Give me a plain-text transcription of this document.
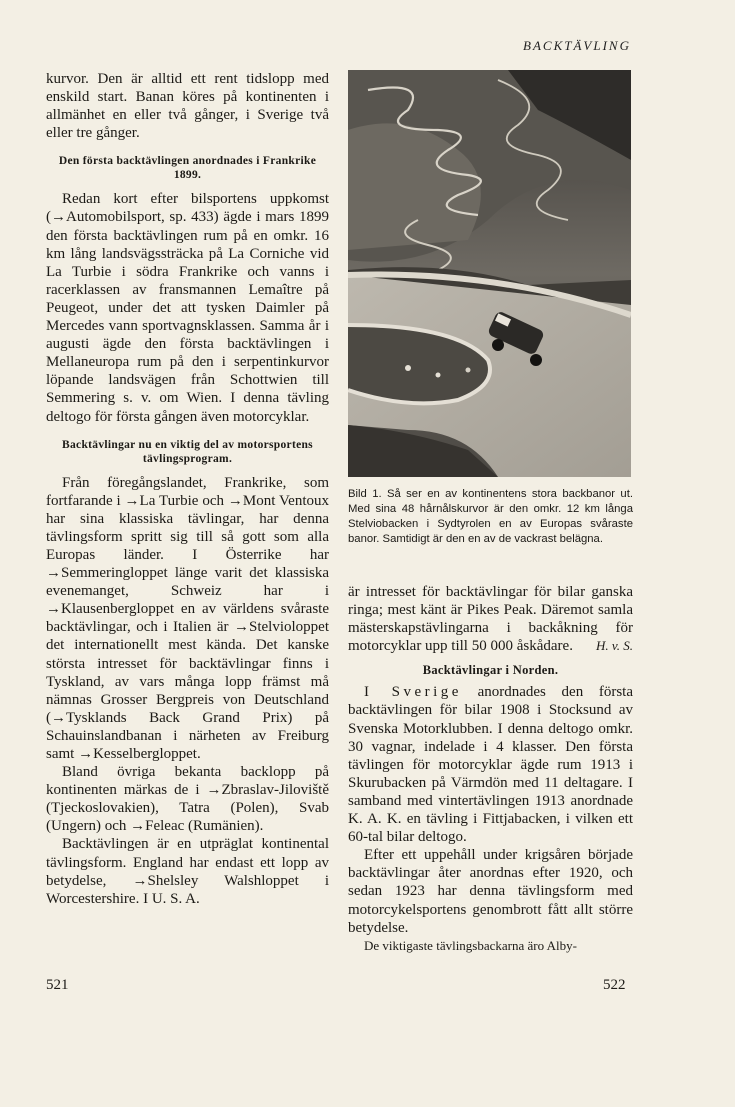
BACKTÄVLING

kurvor. Den är alltid ett rent tidslopp med enskild start. Banan köres på kontinenten i allmänhet en eller två gånger, i Sverige två eller tre gånger.

Den första backtävlingen anordnades i Frankrike 1899.

Redan kort efter bilsportens uppkomst (→Automobilsport, sp. 433) ägde i mars 1899 den första backtävlingen rum på en omkr. 16 km lång landsvägssträcka på La Corniche vid La Turbie i södra Frankrike och vanns i racerklassen av fransmannen Lemaître på Peugeot, under det att tysken Daimler på Mercedes vann sportvagnsklassen. Samma år i augusti ägde den första backtävlingen i Mellaneuropa rum på den i serpentinkurvor löpande landsvägen från Schottwien till Semmering s. v. om Wien. I denna tävling deltogo för första gången även motorcyklar.

Backtävlingar nu en viktig del av motorsportens tävlingsprogram.

Från föregångslandet, Frankrike, som fortfarande i →La Turbie och →Mont Ventoux har sina klassiska tävlingar, har denna tävlingsform spritt sig till så gott som alla Europas länder. I Österrike har →Semmeringloppet länge varit det klassiska evenemanget, Schweiz har i →Klausenbergloppet en av världens svåraste backtävlingar, och i Italien är →Stelvioloppet det internationellt mest kända. Det kanske största intresset för backtävlingar finns i Tyskland, av vars många lopp främst må nämnas Grosser Bergpreis von Deutschland (→Tysklands Back Grand Prix) på Schauinslandbanan i närheten av Freiburg samt →Kesselbergloppet.

Bland övriga bekanta backlopp på kontinenten märkas de i →Zbraslav-Jiloviště (Tjeckoslovakien), Tatra (Polen), Svab (Ungern) och →Feleac (Rumänien).

Backtävlingen är en utpräglat kontinental tävlingsform. England har endast ett lopp av betydelse, →Shelsley Walshloppet i Worcestershire. I U. S. A.

Bild 1. Så ser en av kontinentens stora backbanor ut. Med sina 48 hårnålskurvor är den omkr. 12 km långa Stelviobacken i Sydtyrolen en av Europas svåraste banor. Samtidigt är den en av de vackrast belägna.

är intresset för backtävlingar för bilar ganska ringa; mest känt är Pikes Peak. Däremot samla mästerskapstävlingarna i backåkning för motorcyklar upp till 50 000 åskådare. H. v. S.

Backtävlingar i Norden.

I Sverige anordnades den första backtävlingen för bilar 1908 i Stocksund av Svenska Motorklubben. I denna deltogo omkr. 30 vagnar, indelade i 4 klasser. Den första tävlingen för motorcyklar ägde rum 1913 i Skurubacken på Värmdön med 11 deltagare. I samband med vintertävlingen 1913 anordnade K. A. K. en tävling i Fittjabacken, i vilken ett 60-tal bilar deltogo.

Efter ett uppehåll under krigsåren började backtävlingar åter anordnas efter 1920, och sedan 1923 har denna tävlingsform med motorcykelsportens genombrott fått allt större betydelse.

De viktigaste tävlingsbackarna äro Alby-

521	522
